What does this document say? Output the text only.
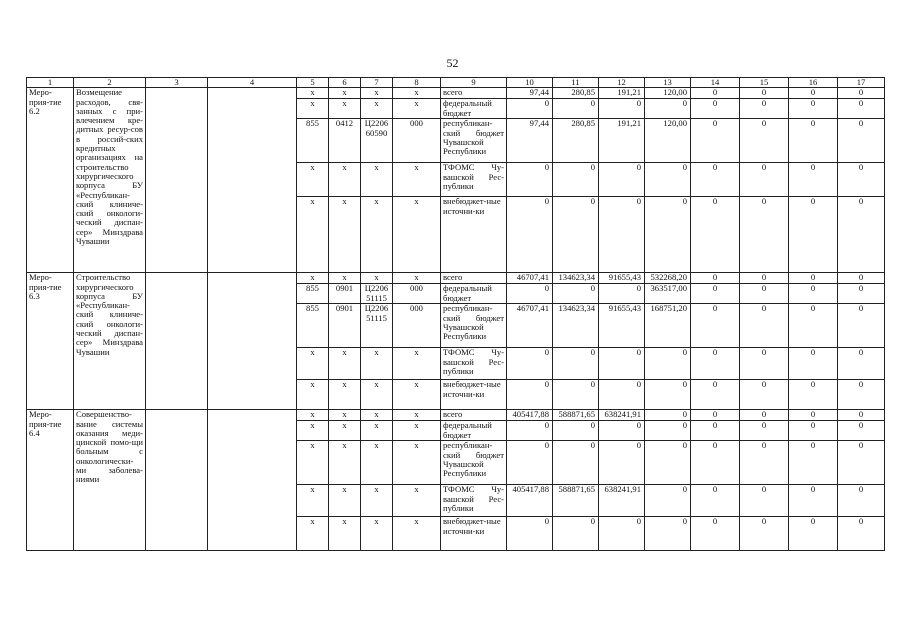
52
1	2	3	4	5	6	7	8	9	10	11	12	13	14	15	16	17
Меро-прия-тие 6.2	Возмещение расходов, свя-занных с при-влечением кре-дитных ресур-сов в россий-ских кредитных организациях на строительство хирургического корпуса БУ «Республикан-ский клиниче-ский онкологи-ческий диспан-сер» Минздрава Чувашии			x	x	x	x	всего	97,44	280,85	191,21	120,00	0	0	0	0
				x	x	x	x	федеральный бюджет	0	0	0	0	0	0	0	0
				855	0412	Ц2206 60590	000	республикан-ский бюджет Чувашской Республики	97,44	280,85	191,21	120,00	0	0	0	0
				x	x	x	x	ТФОМС Чу-вашской Рес-публики	0	0	0	0	0	0	0	0
				x	x	x	x	внебюджет-ные источни-ки	0	0	0	0	0	0	0	0
Меро-прия-тие 6.3	Строительство хирургического корпуса БУ «Республикан-ский клиниче-ский онкологи-ческий диспан-сер» Минздрава Чувашии			x	x	x	x	всего	46707,41	134623,34	91655,43	532268,20	0	0	0	0
				855	0901	Ц2206 51115	000	федеральный бюджет	0	0	0	363517,00	0	0	0	0
				855	0901	Ц2206 51115	000	республикан-ский бюджет Чувашской Республики	46707,41	134623,34	91655,43	168751,20	0	0	0	0
				x	x	x	x	ТФОМС Чу-вашской Рес-публики	0	0	0	0	0	0	0	0
				x	x	x	x	внебюджет-ные источни-ки	0	0	0	0	0	0	0	0
Меро-прия-тие 6.4	Совершенство-вание системы оказания меди-цинской помо-щи больным с онкологически-ми заболева-ниями			x	x	x	x	всего	405417,88	588871,65	638241,91	0	0	0	0	0
				x	x	x	x	федеральный бюджет	0	0	0	0	0	0	0	0
				x	x	x	x	республикан-ский бюджет Чувашской Республики	0	0	0	0	0	0	0	0
				x	x	x	x	ТФОМС Чу-вашской Рес-публики	405417,88	588871,65	638241,91	0	0	0	0	0
				x	x	x	x	внебюджет-ные источни-ки	0	0	0	0	0	0	0	0
